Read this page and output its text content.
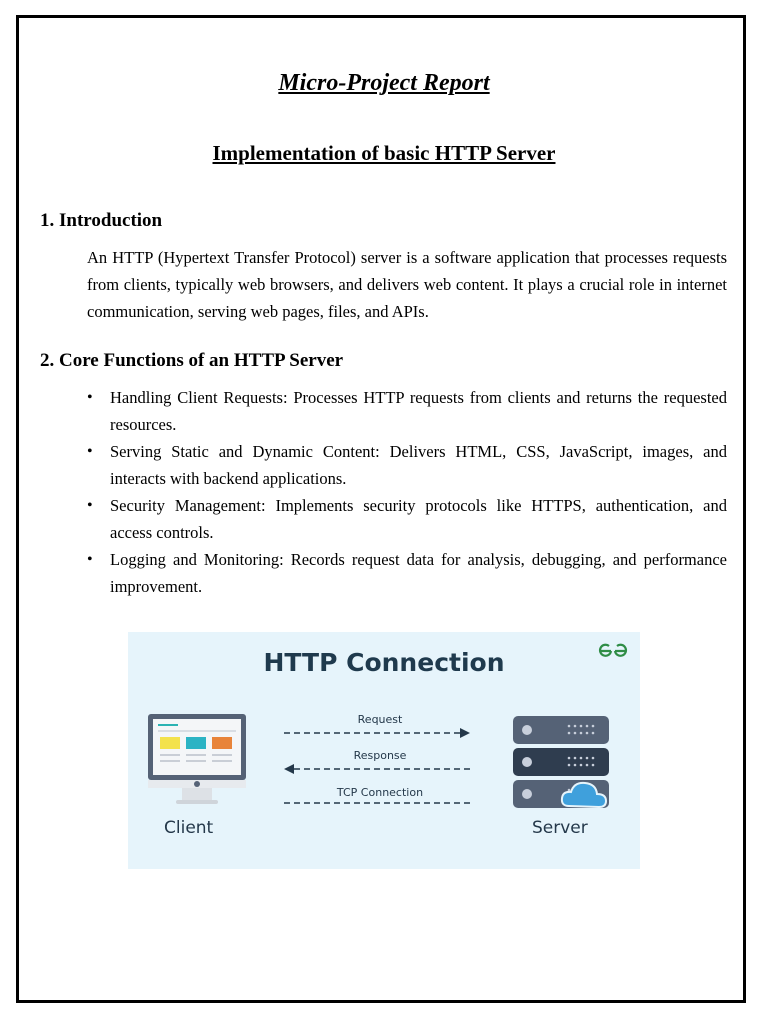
Micro-Project Report
Implementation of basic HTTP Server
1. Introduction
An HTTP (Hypertext Transfer Protocol) server is a software application that processes requests from clients, typically web browsers, and delivers web content. It plays a crucial role in internet communication, serving web pages, files, and APIs.
2. Core Functions of an HTTP Server
• Handling Client Requests: Processes HTTP requests from clients and returns the requested resources.
• Serving Static and Dynamic Content: Delivers HTML, CSS, JavaScript, images, and interacts with backend applications.
• Security Management: Implements security protocols like HTTPS, authentication, and access controls.
• Logging and Monitoring: Records request data for analysis, debugging, and performance improvement.
HTTP Connection
Client
Request
Response
TCP Connection
Server
